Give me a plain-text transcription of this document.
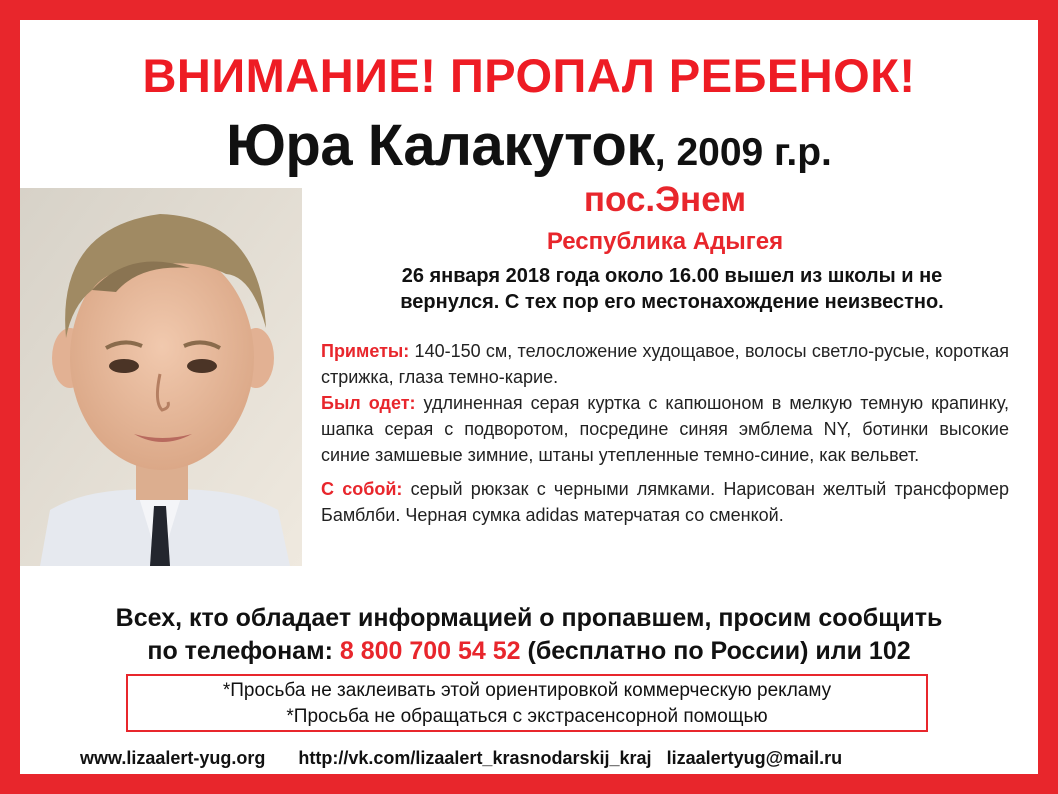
ВНИМАНИЕ! ПРОПАЛ РЕБЕНОК!
Юра Калакуток, 2009 г.р.
пос.Энем
Республика Адыгея
26 января 2018 года около 16.00 вышел из школы и не
вернулся. С тех пор его местонахождение неизвестно.

Приметы: 140-150 см, телосложение худощавое, волосы светло-русые, короткая стрижка, глаза темно-карие.

Был одет: удлиненная серая куртка с капюшоном в мелкую темную крапинку, шапка серая с подворотом, посредине синяя эмблема NY, ботинки высокие синие замшевые зимние, штаны утепленные темно-синие, как вельвет.

С собой: серый рюкзак с черными лямками. Нарисован желтый трансформер Бамблби. Черная сумка adidas матерчатая со сменкой.

Всех, кто обладает информацией о пропавшем, просим сообщить
по телефонам: 8 800 700 54 52 (бесплатно по России) или 102
*Просьба не заклеивать этой ориентировкой коммерческую рекламу
*Просьба не обращаться с экстрасенсорной помощью
www.lizaalert-yug.org http://vk.com/lizaalert_krasnodarskij_kraj lizaalertyug@mail.ru
